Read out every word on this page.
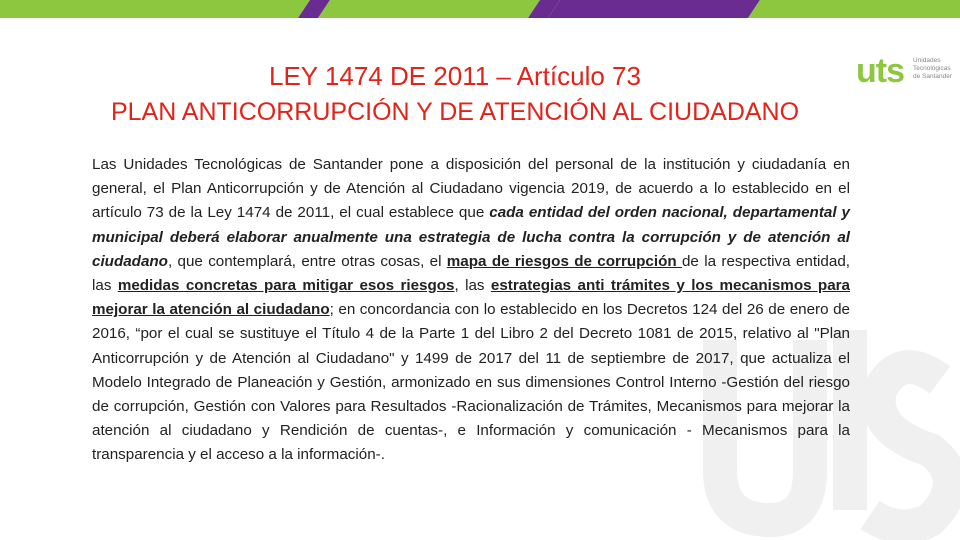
LEY 1474 DE 2011 – Artículo 73
PLAN ANTICORRUPCIÓN Y DE ATENCIÓN AL CIUDADANO
uts Unidades Tecnológicas de Santander
Las Unidades Tecnológicas de Santander pone a disposición del personal de la institución y ciudadanía en general, el Plan Anticorrupción y de Atención al Ciudadano vigencia 2019, de acuerdo a lo establecido en el artículo 73 de la Ley 1474 de 2011, el cual establece que cada entidad del orden nacional, departamental y municipal deberá elaborar anualmente una estrategia de lucha contra la corrupción y de atención al ciudadano, que contemplará, entre otras cosas, el mapa de riesgos de corrupción de la respectiva entidad, las medidas concretas para mitigar esos riesgos, las estrategias anti trámites y los mecanismos para mejorar la atención al ciudadano; en concordancia con lo establecido en los Decretos 124 del 26 de enero de 2016, “por el cual se sustituye el Título 4 de la Parte 1 del Libro 2 del Decreto 1081 de 2015, relativo al "Plan Anticorrupción y de Atención al Ciudadano" y 1499 de 2017 del 11 de septiembre de 2017, que actualiza el Modelo Integrado de Planeación y Gestión, armonizado en sus dimensiones Control Interno -Gestión del riesgo de corrupción, Gestión con Valores para Resultados -Racionalización de Trámites, Mecanismos para mejorar la atención al ciudadano y Rendición de cuentas-, e Información y comunicación - Mecanismos para la transparencia y el acceso a la información-.
